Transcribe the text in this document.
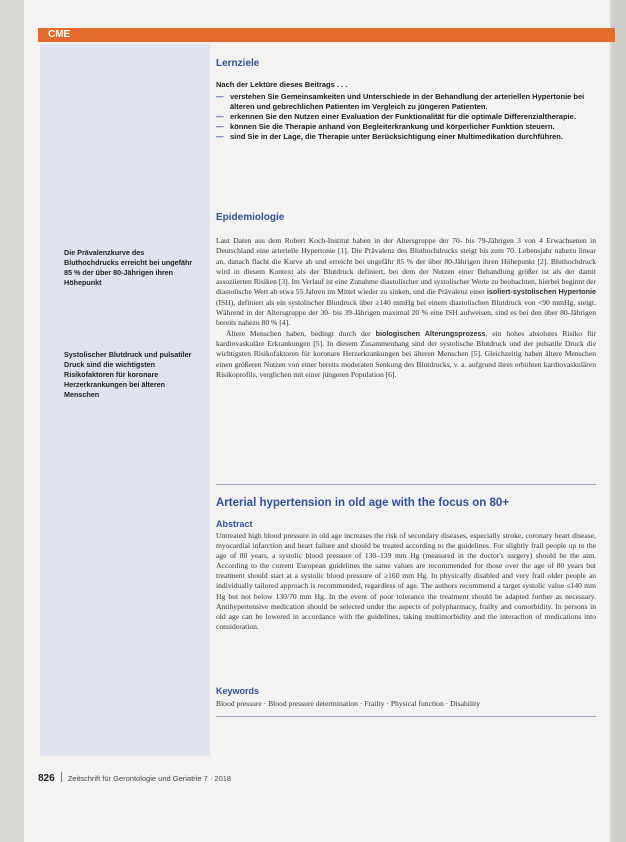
CME
Lernziele
Nach der Lektüre dieses Beitrags . . .
— verstehen Sie Gemeinsamkeiten und Unterschiede in der Behandlung der arteriellen Hypertonie bei älteren und gebrechlichen Patienten im Vergleich zu jüngeren Patienten.
— erkennen Sie den Nutzen einer Evaluation der Funktionalität für die optimale Differenzialtherapie.
— können Sie die Therapie anhand von Begleiterkrankung und körperlicher Funktion steuern.
— sind Sie in der Lage, die Therapie unter Berücksichtigung einer Multimedikation durchführen.
Epidemiologie
Die Prävalenzkurve des Bluthochdrucks erreicht bei ungefähr 85 % der über 80-Jährigen ihren Höhepunkt
Systolischer Blutdruck und pulsatiler Druck sind die wichtigsten Risikofaktoren für koronare Herzerkrankungen bei älteren Menschen

Laut Daten aus dem Robert Koch-Institut haben in der Altersgruppe der 70- bis 79-Jährigen 3 von 4 Erwachsenen in Deutschland eine arterielle Hypertonie [1]. Die Prävalenz des Bluthochdrucks steigt bis zum 70. Lebensjahr nahezu linear an, danach flacht die Kurve ab und erreicht bei ungefähr 85 % der über 80-Jährigen ihren Höhepunkt [2]. Bluthochdruck wird in diesem Kontext als der Blutdruck definiert, bei dem der Nutzen einer Behandlung größer ist als der damit assoziierten Risiken [3]. Im Verlauf ist eine Zunahme diastolischer und systolischer Werte zu beobachten, hierbei beginnt der diastolische Wert ab etwa 55 Jahren im Mittel wieder zu sinken, und die Prävalenz einer isoliert-systolischen Hypertonie (ISH), definiert als ein systolischer Blutdruck über ≥140 mmHg bei einem diastolischen Blutdruck von <90 mmHg, steigt. Während in der Altersgruppe der 30- bis 39-Jährigen maximal 20 % eine ISH aufweisen, sind es bei den über 80-Jährigen bereits nahezu 80 % [4].

Ältere Menschen haben, bedingt durch der biologischen Alterungsprozess, ein hohes absolutes Risiko für kardiovaskuläre Erkrankungen [5]. In diesem Zusammenhang sind der systolische Blutdruck und der pulsatile Druck die wichtigsten Risikofaktoren für koronare Herzerkrankungen bei älteren Menschen [5]. Gleichzeitig haben ältere Menschen einen größeren Nutzen von einer bereits moderaten Senkung des Blutdrucks, v. a. aufgrund ihres erhöhten kardiovaskulären Risikoprofils, verglichen mit einer jüngeren Population [6].

Arterial hypertension in old age with the focus on 80+
Abstract
Untreated high blood pressure in old age increases the risk of secondary diseases, especially stroke, coronary heart disease, myocardial infarction and heart failure and should be treated according to the guidelines. For slightly frail people up to the age of 80 years, a systolic blood pressure of 130–139 mm Hg (measured in the doctor's surgery) should be the aim. According to the current European guidelines the same values are recommended for those over the age of 80 years but treatment should start at a systolic blood pressure of ≥160 mm Hg. In physically disabled and very frail older people an individually tailored approach is recommended, regardless of age. The authors recommend a target systolic value ≤140 mm Hg but not below 130/70 mm Hg. In the event of poor tolerance the treatment should be adapted further as necessary. Antihypertensive medication should be selected under the aspects of polypharmacy, frailty and comorbidity. In persons in old age can be lowered in accordance with the guidelines, taking multimorbidity and the interaction of medications into consideration.
Keywords
Blood pressure · Blood pressure determination · Frailty · Physical function · Disability
826 Zeitschrift für Gerontologie und Geriatrie 7 · 2018
